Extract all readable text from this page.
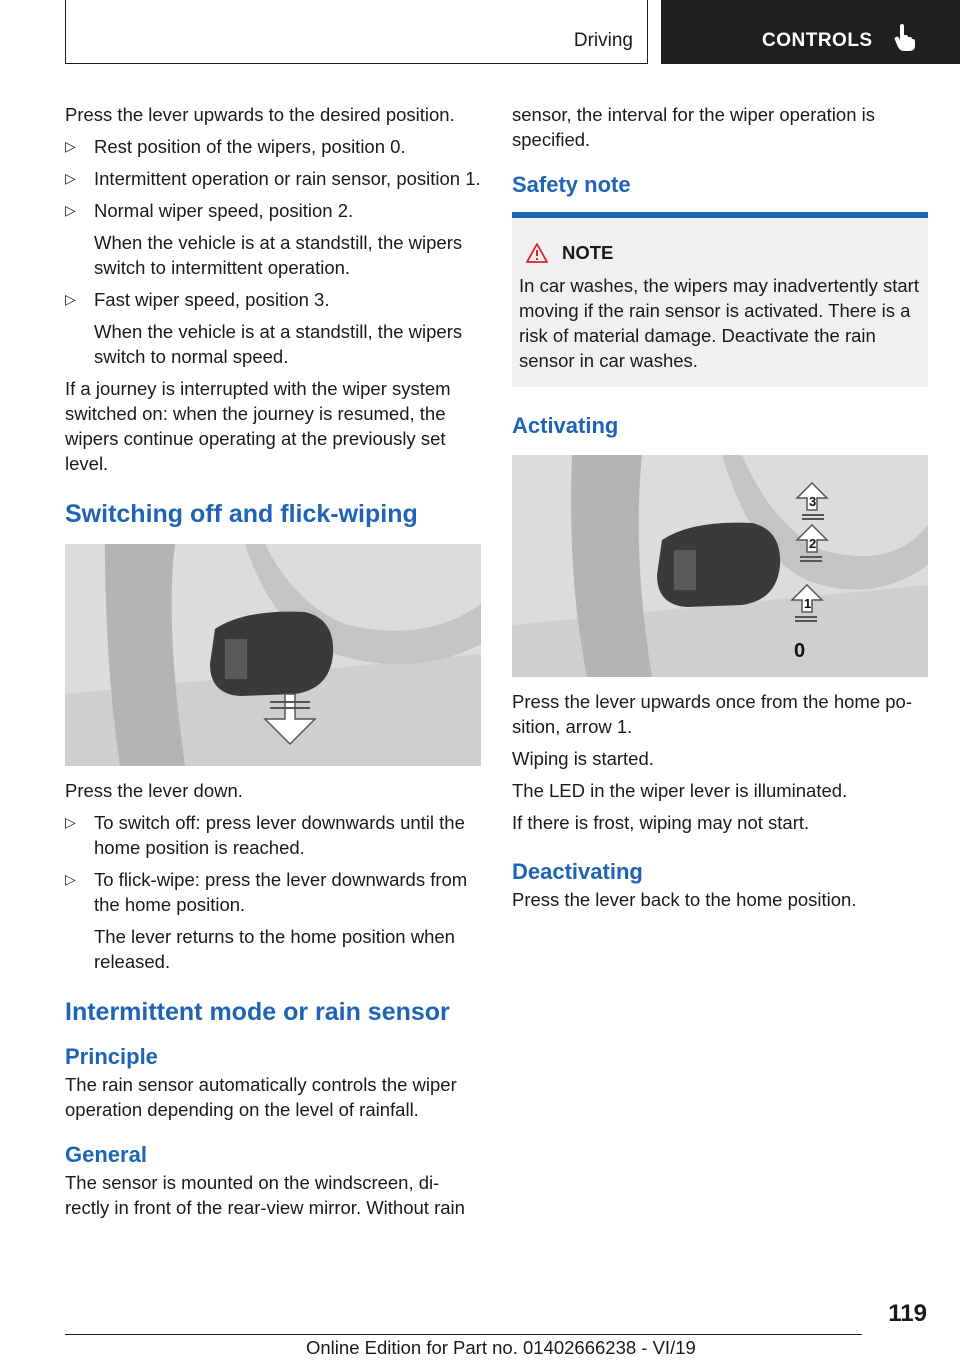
Driving	CONTROLS

Press the lever upwards to the desired position.

▷ Rest position of the wipers, position 0.
▷ Intermittent operation or rain sensor, position 1.
▷ Normal wiper speed, position 2.
When the vehicle is at a standstill, the wipers switch to intermittent operation.
▷ Fast wiper speed, position 3.
When the vehicle is at a standstill, the wipers switch to normal speed.

If a journey is interrupted with the wiper system switched on: when the journey is resumed, the wipers continue operating at the previously set level.

Switching off and flick-wiping

Press the lever down.

▷ To switch off: press lever downwards until the home position is reached.
▷ To flick-wipe: press the lever downwards from the home position.
The lever returns to the home position when released.
Intermittent mode or rain sensor
Principle

The rain sensor automatically controls the wiper operation depending on the level of rainfall.

General

The sensor is mounted on the windscreen, di-rectly in front of the rear-view mirror. Without rain

sensor, the interval for the wiper operation is specified.

Safety note
NOTE
In car washes, the wipers may inadvertently start moving if the rain sensor is activated. There is a risk of material damage. Deactivate the rain sensor in car washes.
Activating
3
2
1
0

Press the lever upwards once from the home po-sition, arrow 1.

Wiping is started.

The LED in the wiper lever is illuminated.

If there is frost, wiping may not start.

Deactivating

Press the lever back to the home position.

119
Online Edition for Part no. 01402666238 - VI/19
